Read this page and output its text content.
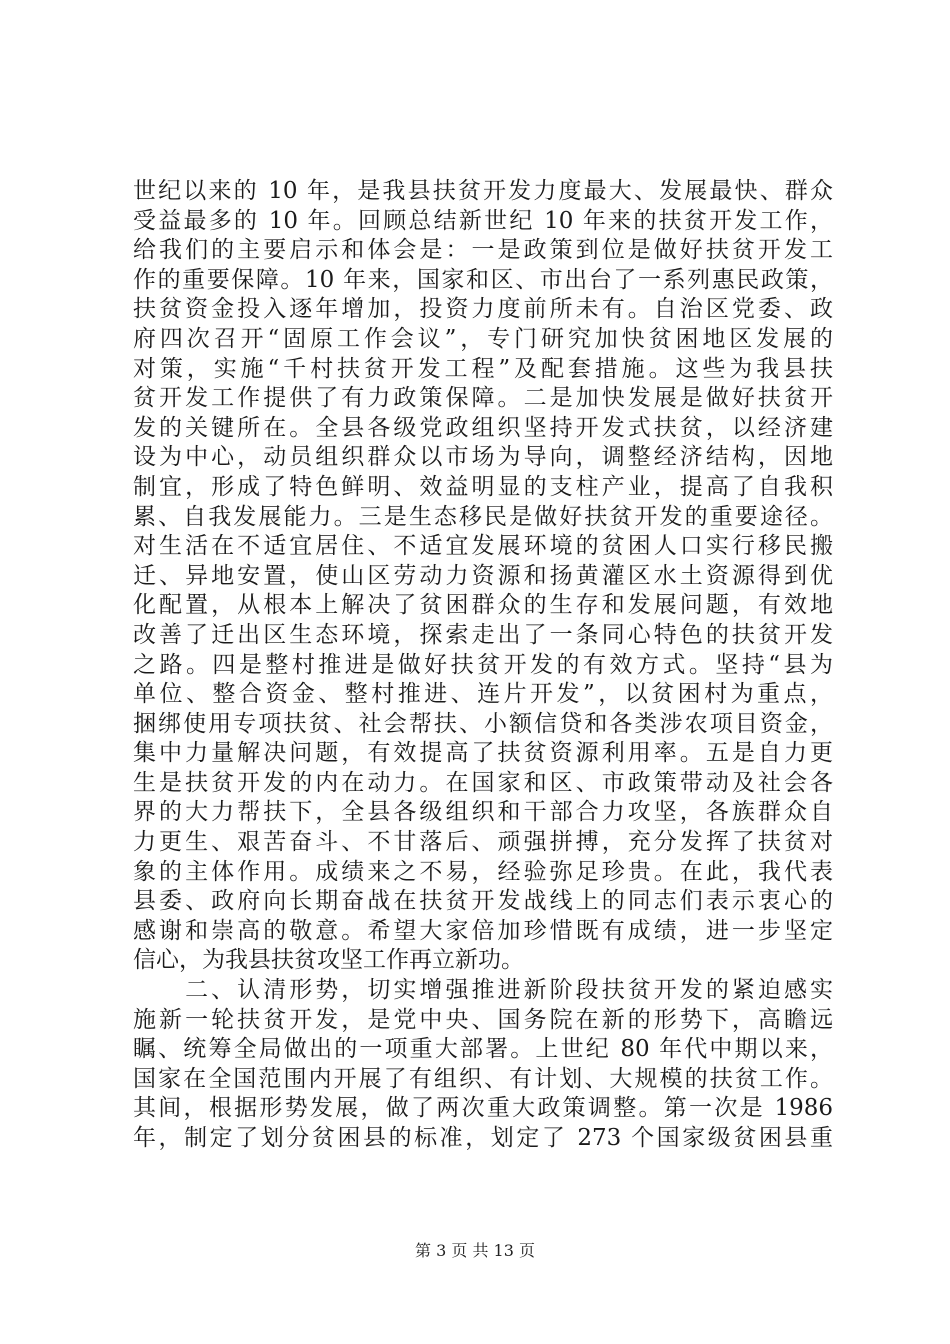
世纪以来的 10 年，是我县扶贫开发力度最大、发展最快、群众
受益最多的 10 年。回顾总结新世纪 10 年来的扶贫开发工作，
给我们的主要启示和体会是：一是政策到位是做好扶贫开发工
作的重要保障。10 年来，国家和区、市出台了一系列惠民政策，
扶贫资金投入逐年增加，投资力度前所未有。自治区党委、政
府四次召开“固原工作会议”，专门研究加快贫困地区发展的
对策，实施“千村扶贫开发工程”及配套措施。这些为我县扶
贫开发工作提供了有力政策保障。二是加快发展是做好扶贫开
发的关键所在。全县各级党政组织坚持开发式扶贫，以经济建
设为中心，动员组织群众以市场为导向，调整经济结构，因地
制宜，形成了特色鲜明、效益明显的支柱产业，提高了自我积
累、自我发展能力。三是生态移民是做好扶贫开发的重要途径。
对生活在不适宜居住、不适宜发展环境的贫困人口实行移民搬
迁、异地安置，使山区劳动力资源和扬黄灌区水土资源得到优
化配置，从根本上解决了贫困群众的生存和发展问题，有效地
改善了迁出区生态环境，探索走出了一条同心特色的扶贫开发
之路。四是整村推进是做好扶贫开发的有效方式。坚持“县为
单位、整合资金、整村推进、连片开发”，以贫困村为重点，
捆绑使用专项扶贫、社会帮扶、小额信贷和各类涉农项目资金，
集中力量解决问题，有效提高了扶贫资源利用率。五是自力更
生是扶贫开发的内在动力。在国家和区、市政策带动及社会各
界的大力帮扶下，全县各级组织和干部合力攻坚，各族群众自
力更生、艰苦奋斗、不甘落后、顽强拼搏，充分发挥了扶贫对
象的主体作用。成绩来之不易，经验弥足珍贵。在此，我代表
县委、政府向长期奋战在扶贫开发战线上的同志们表示衷心的
感谢和崇高的敬意。希望大家倍加珍惜既有成绩，进一步坚定
信心，为我县扶贫攻坚工作再立新功。
　　二、认清形势，切实增强推进新阶段扶贫开发的紧迫感实
施新一轮扶贫开发，是党中央、国务院在新的形势下，高瞻远
瞩、统筹全局做出的一项重大部署。上世纪 80 年代中期以来，
国家在全国范围内开展了有组织、有计划、大规模的扶贫工作。
其间，根据形势发展，做了两次重大政策调整。第一次是 1986
年，制定了划分贫困县的标准，划定了 273 个国家级贫困县重
第 3 页 共 13 页
